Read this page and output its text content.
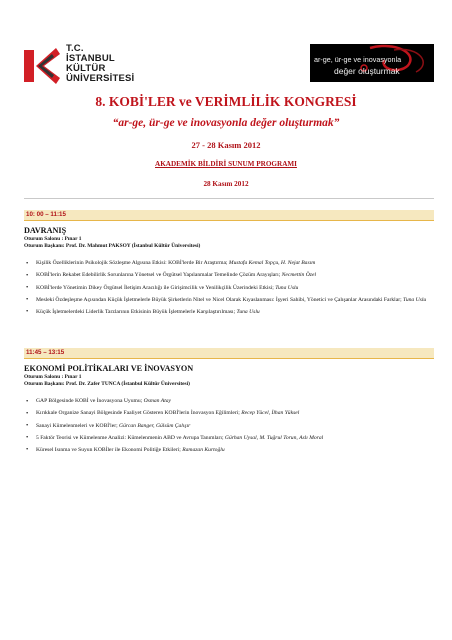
T.C.
İSTANBUL
KÜLTÜR
ÜNİVERSİTESİ
ar-ge, ür-ge ve inovasyonla
değer oluşturmak
8. KOBİ'LER ve VERİMLİLİK KONGRESİ
“ar-ge, ür-ge ve inovasyonla değer oluşturmak”
27 - 28 Kasım 2012
AKADEMİK BİLDİRİ SUNUM PROGRAMI
28 Kasım 2012
10: 00 – 11:15
DAVRANIŞ
Oturum Salonu : Pınar 1
Oturum Başkanı: Prof. Dr. Mahmut PAKSOY (İstanbul Kültür Üniversitesi)
• Kişilik Özelliklerinin Psikolojik Sözleşme Algısına Etkisi: KOBİ'lerde Bir Araştırma; Mustafa Kemal Topçu, H. Nejat Basım
• KOBİ'lerin Rekabet Edebilirlik Sorunlarına Yönetsel ve Örgütsel Yapılanmalar Temelinde Çözüm Arayışları; Necmettin Özel
• KOBİ'lerde Yönetimin Dikey Örgütsel İletişim Aracılığı ile Girişimcilik ve Yenilikçilik Üzerindeki Etkisi; Tuna Uslu
• Mesleki Özdeşleşme Açısından Küçük İşletmelerle Büyük Şirketlerin Nitel ve Nicel Olarak Kıyaslanması: İşyeri Sahibi, Yönetici ve Çalışanlar Arasındaki Farklar; Tuna Uslu
• Küçük İşletmelerdeki Liderlik Tarzlarının Etkisinin Büyük İşletmelerle Karşılaştırılması; Tuna Uslu
11:45 – 13:15
EKONOMİ POLİTİKALARI VE İNOVASYON
Oturum Salonu : Pınar 1
Oturum Başkanı: Prof. Dr. Zafer TUNCA (İstanbul Kültür Üniversitesi)
• GAP Bölgesinde KOBİ ve İnovasyona Uyumu; Osman Atay
• Kırıkkale Organize Sanayi Bölgesinde Faaliyet Gösteren KOBİ'lerin İnovasyon Eğilimleri; Recep Yücel, İlhan Yüksel
• Sanayi Kümelenmeleri ve KOBİ'ler; Gürcan Banger, Gülsüm Çalışır
• 5 Faktör Teorisi ve Kümelenme Analizi: Kümelenmenin ABD ve Avrupa Tanımları; Gürhan Uysal, M. Tuğrul Torun, Aslı Moral
• Küresel Isınma ve Suyun KOBİler ile Ekonomi Politiğe Etkileri; Ramazan Kurtoğlu
